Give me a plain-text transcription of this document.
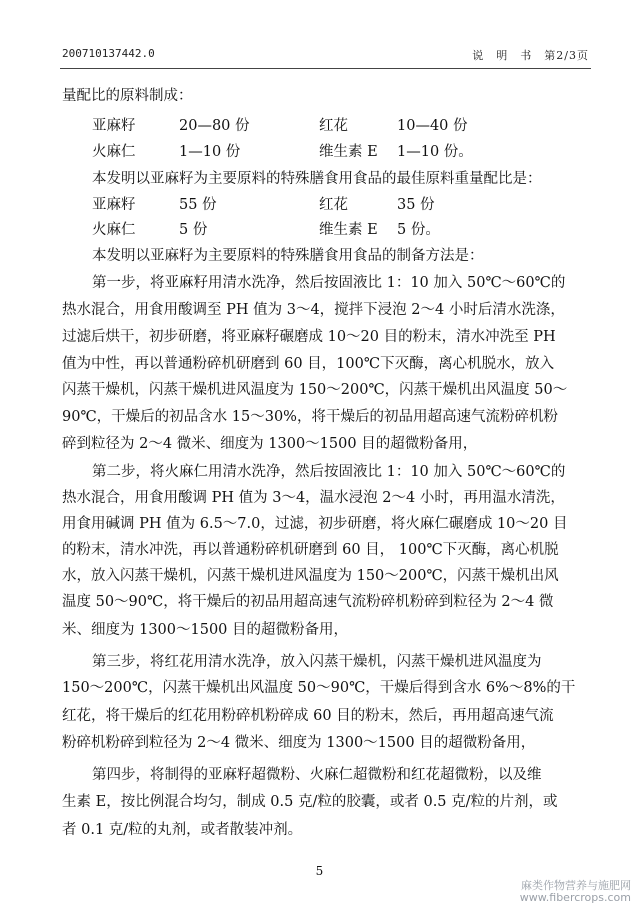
200710137442.0	说　明　书　第2/3页
量配比的原料制成：
亚麻籽	20—80 份	红花	10—40 份
火麻仁	1—10 份	维生素 E 1—10 份。
本发明以亚麻籽为主要原料的特殊膳食用食品的最佳原料重量配比是：
亚麻籽	55 份	红花	35 份
火麻仁	5 份	维生素 E 5 份。
本发明以亚麻籽为主要原料的特殊膳食用食品的制备方法是：
第一步，将亚麻籽用清水洗净，然后按固液比 1：10 加入 50℃～60℃的
热水混合，用食用酸调至 PH 值为 3～4，搅拌下浸泡 2～4 小时后清水洗涤，
过滤后烘干，初步研磨，将亚麻籽碾磨成 10～20 目的粉末，清水冲洗至 PH
值为中性，再以普通粉碎机研磨到 60 目，100℃下灭酶，离心机脱水，放入
闪蒸干燥机，闪蒸干燥机进风温度为 150～200℃，闪蒸干燥机出风温度 50～
90℃，干燥后的初品含水 15～30%，将干燥后的初品用超高速气流粉碎机粉
碎到粒径为 2～4 微米、细度为 1300～1500 目的超微粉备用，
第二步，将火麻仁用清水洗净，然后按固液比 1：10 加入 50℃～60℃的
热水混合，用食用酸调 PH 值为 3～4，温水浸泡 2～4 小时，再用温水清洗，
用食用碱调 PH 值为 6.5～7.0，过滤，初步研磨，将火麻仁碾磨成 10～20 目
的粉末，清水冲洗，再以普通粉碎机研磨到 60 目， 100℃下灭酶，离心机脱
水，放入闪蒸干燥机，闪蒸干燥机进风温度为 150～200℃，闪蒸干燥机出风
温度 50～90℃，将干燥后的初品用超高速气流粉碎机粉碎到粒径为 2～4 微
米、细度为 1300～1500 目的超微粉备用，
第三步，将红花用清水洗净，放入闪蒸干燥机，闪蒸干燥机进风温度为
150～200℃，闪蒸干燥机出风温度 50～90℃，干燥后得到含水 6%～8%的干
红花，将干燥后的红花用粉碎机粉碎成 60 目的粉末，然后，再用超高速气流
粉碎机粉碎到粒径为 2～4 微米、细度为 1300～1500 目的超微粉备用，
第四步，将制得的亚麻籽超微粉、火麻仁超微粉和红花超微粉，以及维
生素 E，按比例混合均匀，制成 0.5 克/粒的胶囊，或者 0.5 克/粒的片剂，或
者 0.1 克/粒的丸剂，或者散装冲剂。
5
麻类作物营养与施肥网
www.fibercrops.com
